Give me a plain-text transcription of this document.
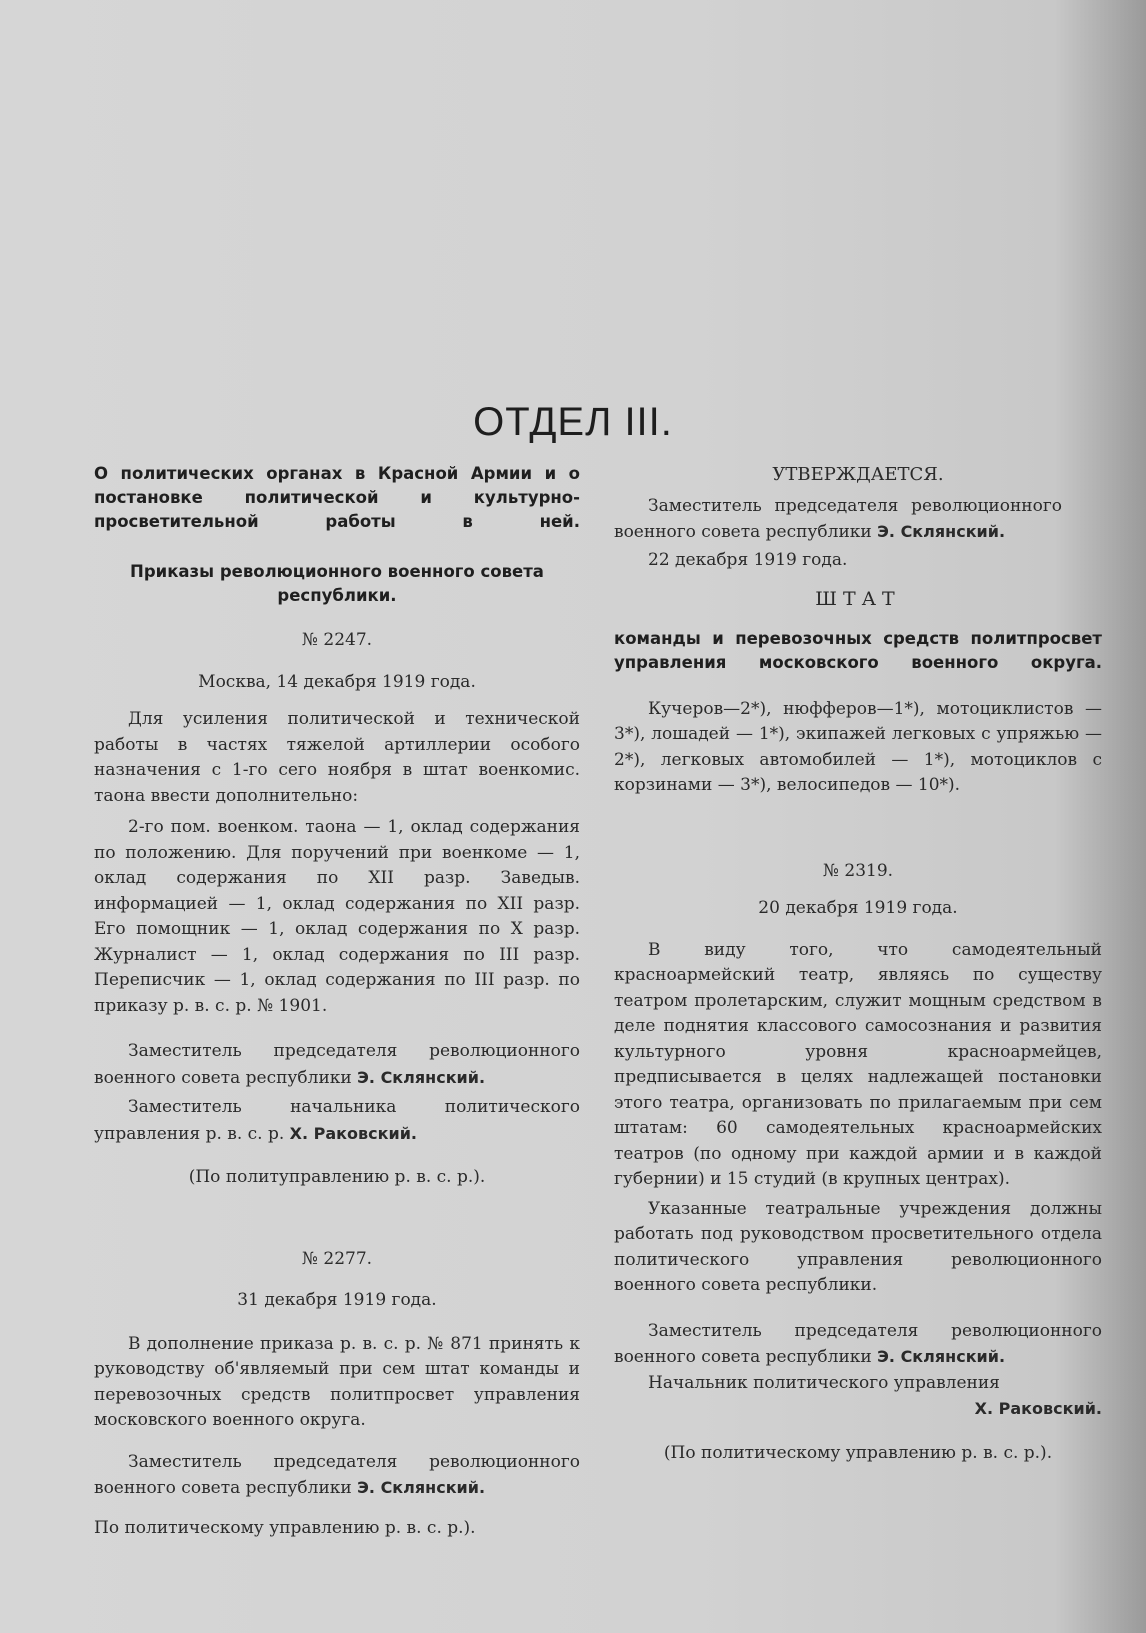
ОТДЕЛ III.

О политических органах в Красной Армии и о постановке политической и культурно-просветительной работы в ней.

Приказы революционного военного совета республики.

№ 2247.

Москва, 14 декабря 1919 года.

Для усиления политической и технической работы в частях тяжелой артиллерии особого назначения с 1-го сего ноября в штат военкомис. таона ввести дополнительно:

2-го пом. военком. таона — 1, оклад содержания по положению. Для поручений при военкоме — 1, оклад содержания по XII разр. Заведыв. информацией — 1, оклад содержания по XII разр. Его помощник — 1, оклад содержания по X разр. Журналист — 1, оклад содержания по III разр. Переписчик — 1, оклад содержания по III разр. по приказу р. в. с. р. № 1901.

Заместитель председателя революционного военного совета республики Э. Склянский.

Заместитель начальника политического управления р. в. с. р. Х. Раковский.

(По политуправлению р. в. с. р.).

№ 2277.

31 декабря 1919 года.

В дополнение приказа р. в. с. р. № 871 принять к руководству об'являемый при сем штат команды и перевозочных средств политпросвет управления московского военного округа.

Заместитель председателя революционного военного совета республики Э. Склянский.

По политическому управлению р. в. с. р.).

УТВЕРЖДАЕТСЯ.

Заместитель председателя революционного военного совета республики Э. Склянский.

22 декабря 1919 года.

ШТАТ

команды и перевозочных средств политпросвет управления московского военного округа.

Кучеров—2*), нюфферов—1*), мотоциклистов — 3*), лошадей — 1*), экипажей легковых с упряжью — 2*), легковых автомобилей — 1*), мотоциклов с корзинами — 3*), велосипедов — 10*).

№ 2319.

20 декабря 1919 года.

В виду того, что самодеятельный красноармейский театр, являясь по существу театром пролетарским, служит мощным средством в деле поднятия классового самосознания и развития культурного уровня красноармейцев, предписывается в целях надлежащей постановки этого театра, организовать по прилагаемым при сем штатам: 60 самодеятельных красноармейских театров (по одному при каждой армии и в каждой губернии) и 15 студий (в крупных центрах).

Указанные театральные учреждения должны работать под руководством просветительного отдела политического управления революционного военного совета республики.

Заместитель председателя революционного военного совета республики Э. Склянский.

Начальник политического управления

Х. Раковский.

(По политическому управлению р. в. с. р.).
